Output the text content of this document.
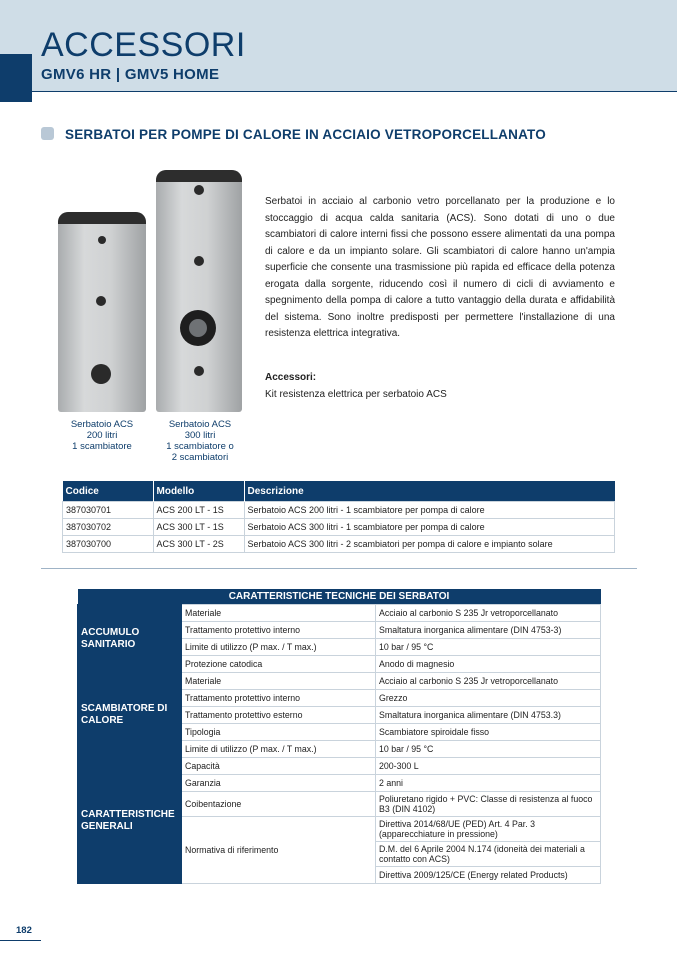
ACCESSORI
GMV6 HR | GMV5 HOME
SERBATOI PER POMPE DI CALORE IN ACCIAIO VETROPORCELLANATO
Serbatoio ACS
200 litri
1 scambiatore
Serbatoio ACS
300 litri
1 scambiatore o
2 scambiatori
Serbatoi in acciaio al carbonio vetro porcellanato per la produzione e lo stoccaggio di acqua calda sanitaria (ACS). Sono dotati di uno o due scambiatori di calore interni fissi che possono essere alimentati da una pompa di calore e da un impianto solare. Gli scambiatori di calore hanno un'ampia superficie che consente una trasmissione più rapida ed efficace della potenza erogata dalla sorgente, riducendo così il numero di cicli di avviamento e spegnimento della pompa di calore a tutto vantaggio della durata e affidabilità del sistema. Sono inoltre predisposti per permettere l'installazione di una resistenza elettrica integrativa.
Accessori:
Kit resistenza elettrica per serbatoio ACS
Codice	Modello	Descrizione
387030701	ACS 200 LT - 1S	Serbatoio ACS 200 litri - 1 scambiatore per pompa di calore
387030702	ACS 300 LT - 1S	Serbatoio ACS 300 litri - 1 scambiatore per pompa di calore
387030700	ACS 300 LT - 2S	Serbatoio ACS 300 litri - 2 scambiatori per pompa di calore e impianto solare
CARATTERISTICHE TECNICHE DEI SERBATOI		
ACCUMULO SANITARIO	Materiale	Acciaio al carbonio S 235 Jr vetroporcellanato
	Trattamento protettivo interno	Smaltatura inorganica alimentare (DIN 4753-3)
	Limite di utilizzo (P max. / T max.)	10 bar / 95 °C
	Protezione catodica	Anodo di magnesio
SCAMBIATORE DI CALORE	Materiale	Acciaio al carbonio S 235 Jr vetroporcellanato
	Trattamento protettivo interno	Grezzo
	Trattamento protettivo esterno	Smaltatura inorganica alimentare (DIN 4753.3)
	Tipologia	Scambiatore spiroidale fisso
	Limite di utilizzo (P max. / T max.)	10 bar / 95 °C
CARATTERISTICHE GENERALI	Capacità	200-300 L
	Garanzia	2 anni
	Coibentazione	Poliuretano rigido + PVC: Classe di resistenza al fuoco B3 (DIN 4102)
	Normativa di riferimento	Direttiva 2014/68/UE (PED) Art. 4 Par. 3 (apparecchiature in pressione)
		D.M. del 6 Aprile 2004 N.174 (idoneità dei materiali a contatto con ACS)
		Direttiva 2009/125/CE (Energy related Products)
182
